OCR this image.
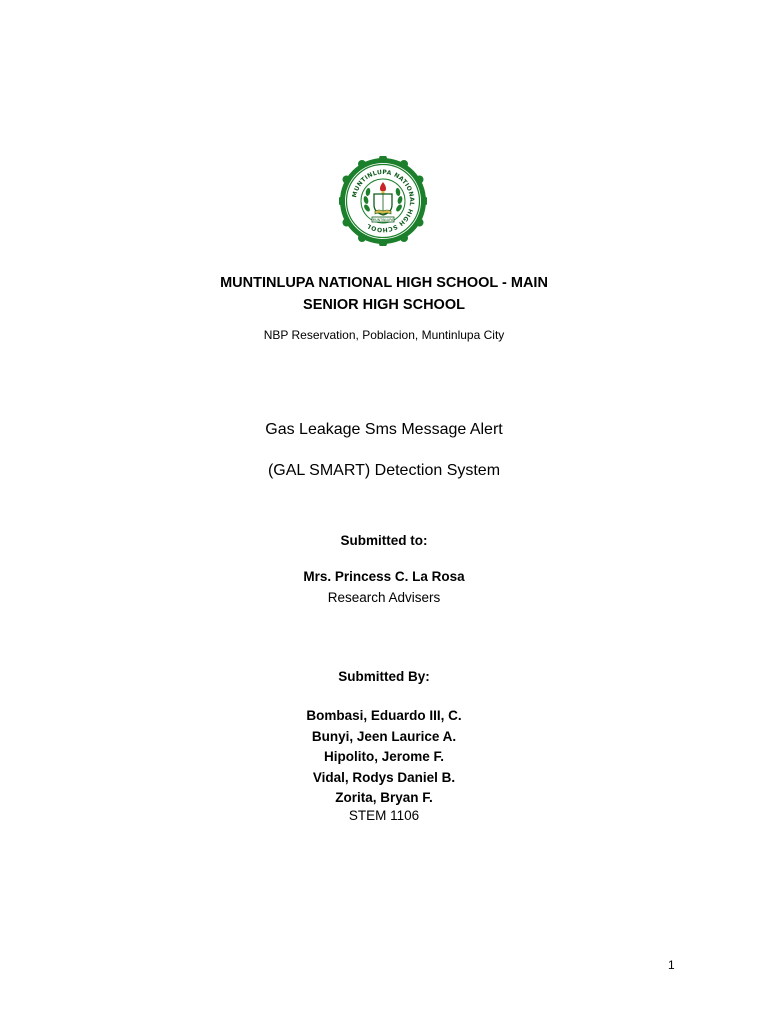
MUNTINLUPA NATIONAL HIGH SCHOOL
MUNTINLUPA
MUNTINLUPA NATIONAL HIGH SCHOOL - MAIN
SENIOR HIGH SCHOOL
NBP Reservation, Poblacion, Muntinlupa City
Gas Leakage Sms Message Alert
(GAL SMART) Detection System
Submitted to:
Mrs. Princess C. La Rosa
Research Advisers
Submitted By:
Bombasi, Eduardo III, C.
Bunyi, Jeen Laurice A.
Hipolito, Jerome F.
Vidal, Rodys Daniel B.
Zorita, Bryan F.
STEM 1106
1
